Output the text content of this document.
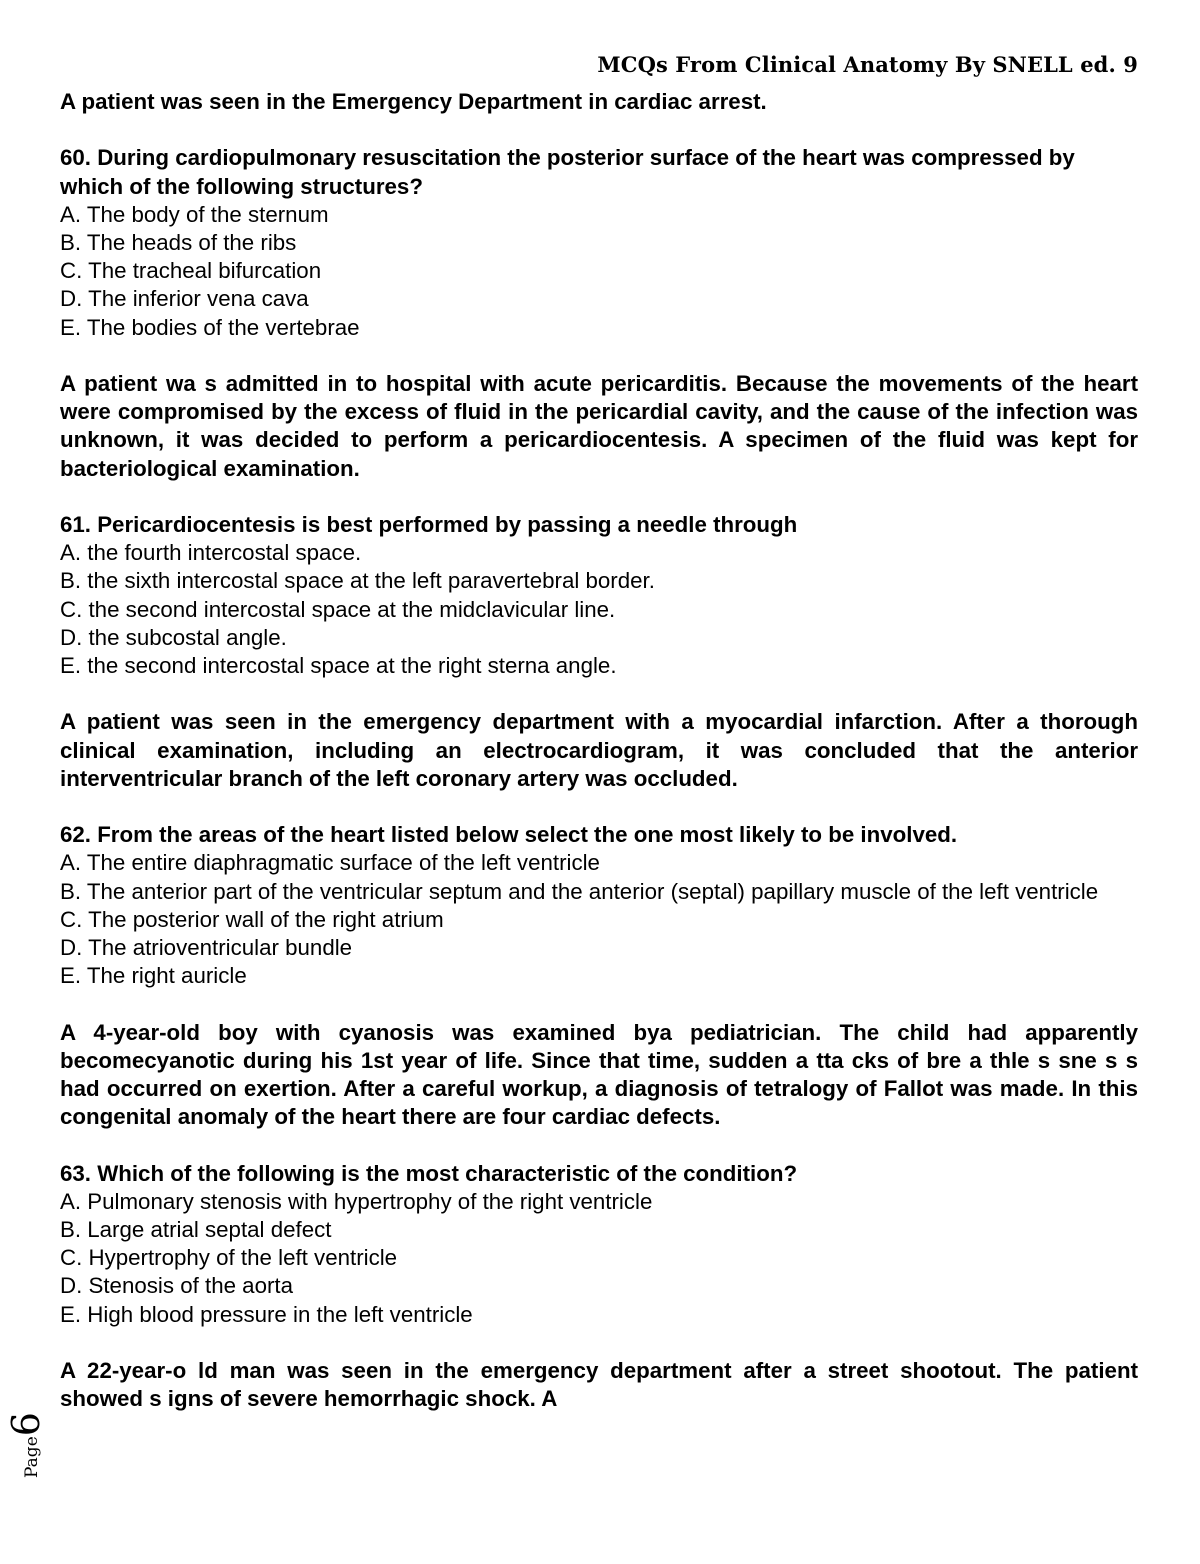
MCQs From Clinical Anatomy By SNELL ed. 9
A patient was seen in the Emergency Department in cardiac arrest.
60. During cardiopulmonary resuscitation the posterior surface of the heart was compressed by which of the following structures?
A. The body of the sternum
B. The heads of the ribs
C. The tracheal bifurcation
D. The inferior vena cava
E. The bodies of the vertebrae
A patient wa s admitted in to hospital with acute pericarditis. Because the movements of the heart were compromised by the excess of fluid in the pericardial cavity, and the cause of the infection was unknown, it was decided to perform a pericardiocentesis. A specimen of the fluid was kept for bacteriological examination.
61. Pericardiocentesis is best performed by passing a needle through
A. the fourth intercostal space.
B. the sixth intercostal space at the left paravertebral border.
C. the second intercostal space at the midclavicular line.
D. the subcostal angle.
E. the second intercostal space at the right sterna angle.
A patient was seen in the emergency department with a myocardial infarction. After a thorough clinical examination, including an electrocardiogram, it was concluded that the anterior interventricular branch of the left coronary artery was occluded.
62. From the areas of the heart listed below select the one most likely to be involved.
A. The entire diaphragmatic surface of the left ventricle
B. The anterior part of the ventricular septum and the anterior (septal) papillary muscle of the left ventricle
C. The posterior wall of the right atrium
D. The atrioventricular bundle
E. The right auricle
A 4-year-old boy with cyanosis was examined bya pediatrician. The child had apparently becomecyanotic during his 1st year of life. Since that time, sudden a tta cks of bre a thle s sne s s had occurred on exertion. After a careful workup, a diagnosis of tetralogy of Fallot was made. In this congenital anomaly of the heart there are four cardiac defects.
63. Which of the following is the most characteristic of the condition?
A. Pulmonary stenosis with hypertrophy of the right ventricle
B. Large atrial septal defect
C. Hypertrophy of the left ventricle
D. Stenosis of the aorta
E. High blood pressure in the left ventricle
A 22-year-o ld man was seen in the emergency department after a street shootout. The patient showed s igns of severe hemorrhagic shock. A
Page6
